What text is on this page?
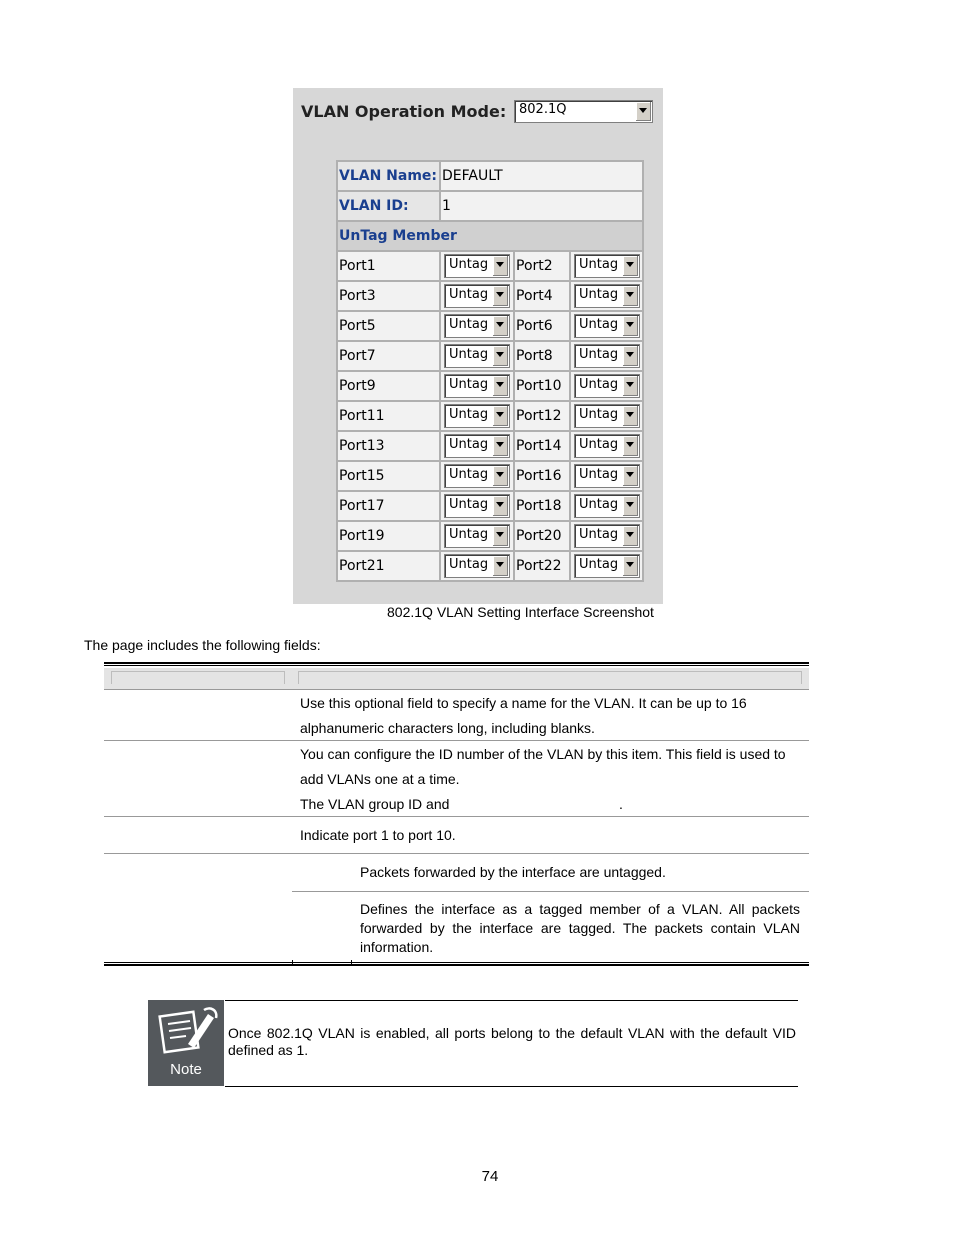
VLAN Operation Mode: 802.1Q
VLAN Name:	DEFAULT		
VLAN ID:	1		
UnTag Member			
Port1	Untag	Port2	Untag

Port3	Untag	Port4	Untag

Port5	Untag	Port6	Untag

Port7	Untag	Port8	Untag

Port9	Untag	Port10	Untag

Port11	Untag	Port12	Untag

Port13	Untag	Port14	Untag

Port15	Untag	Port16	Untag

Port17	Untag	Port18	Untag

Port19	Untag	Port20	Untag

Port21	Untag	Port22	Untag
802.1Q VLAN Setting Interface Screenshot
The page includes the following fields:
Use this optional field to specify a name for the VLAN. It can be up to 16
alphanumeric characters long, including blanks.
You can configure the ID number of the VLAN by this item. This field is used to
add VLANs one at a time.
The VLAN group ID and	.
Indicate port 1 to port 10.
Packets forwarded by the interface are untagged.
Defines the interface as a tagged member of a VLAN. All packets forwarded by the interface are tagged. The packets contain VLAN information.
Note
Once 802.1Q VLAN is enabled, all ports belong to the default VLAN with the default VID defined as 1.
74
